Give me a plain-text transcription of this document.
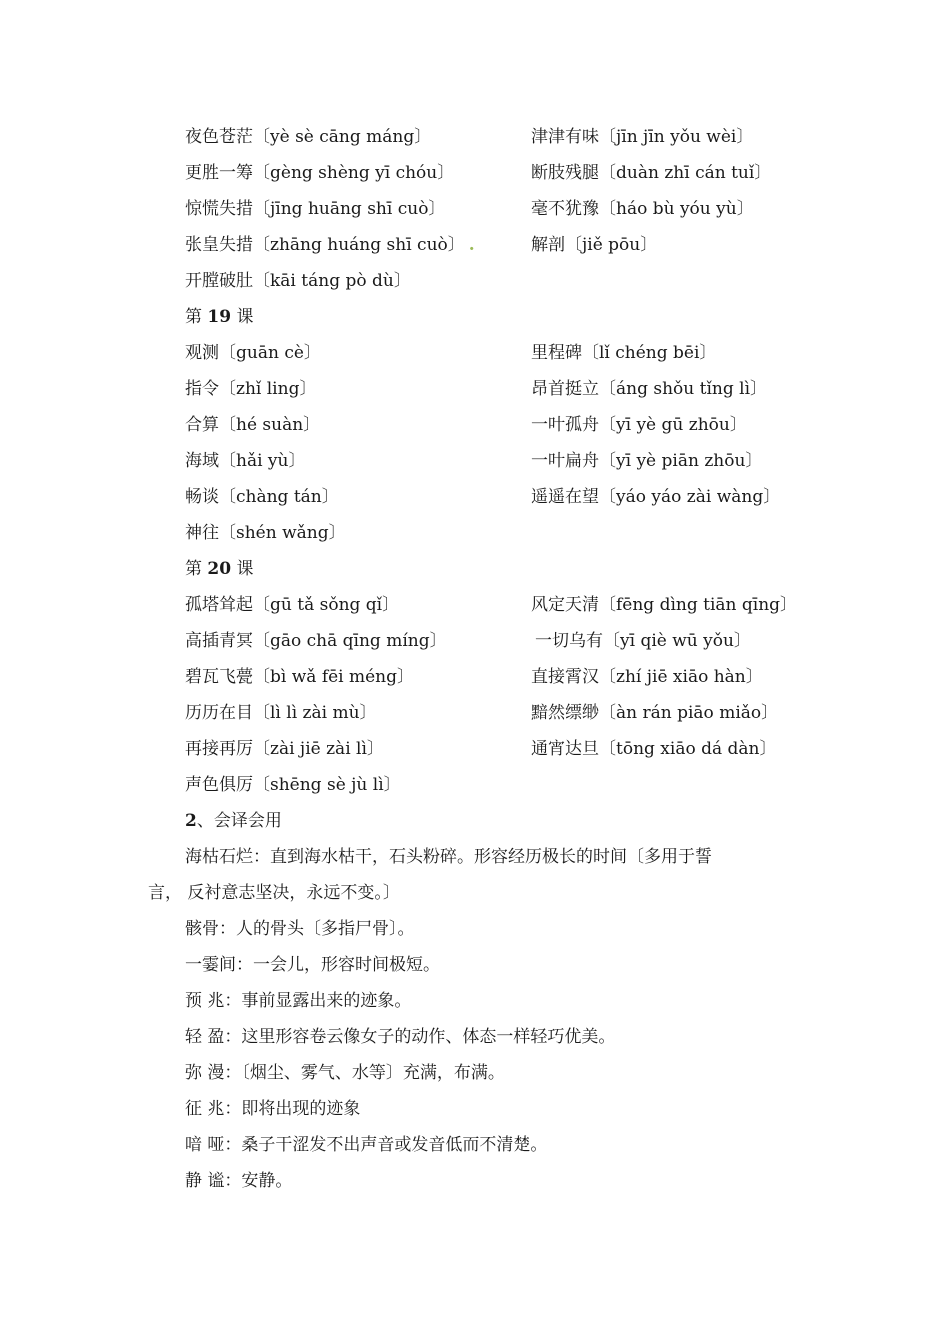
夜色苍茫〔yè sè cāng máng〕	津津有味〔jīn jīn yǒu wèi〕
更胜一筹〔gèng shèng yī chóu〕	断肢残腿〔duàn zhī cán tuǐ〕
惊慌失措〔jīng huāng shī cuò〕	毫不犹豫〔háo bù yóu yù〕
张皇失措〔zhāng huáng shī cuò〕 .	解剖〔jiě pōu〕
开膛破肚〔kāi táng pò dù〕
第 19 课
观测〔guān cè〕	里程碑〔lǐ chéng bēi〕
指令〔zhǐ ling〕	昂首挺立〔áng shǒu tǐng lì〕
合算〔hé suàn〕	一叶孤舟〔yī yè gū zhōu〕
海域〔hǎi yù〕	一叶扁舟〔yī yè piān zhōu〕
畅谈〔chàng tán〕	遥遥在望〔yáo yáo zài wàng〕
神往〔shén wǎng〕
第 20 课
孤塔耸起〔gū tǎ sǒng qǐ〕	风定天清〔fēng dìng tiān qīng〕
高插青冥〔gāo chā qīng míng〕	一切乌有〔yī qiè wū yǒu〕
碧瓦飞甍〔bì wǎ fēi méng〕	直接霄汉〔zhí jiē xiāo hàn〕
历历在目〔lì lì zài mù〕	黯然缥缈〔àn rán piāo miǎo〕
再接再厉〔zài jiē zài lì〕	通宵达旦〔tōng xiāo dá dàn〕
声色俱厉〔shēng sè jù lì〕
2、会译会用
海枯石烂：直到海水枯干，石头粉碎。形容经历极长的时间〔多用于誓
言， 反衬意志坚决，永远不变。〕
骸骨：人的骨头〔多指尸骨〕。
一霎间：一会儿，形容时间极短。
预 兆：事前显露出来的迹象。
轻 盈：这里形容卷云像女子的动作、体态一样轻巧优美。
弥 漫：〔烟尘、雾气、水等〕充满，布满。
征 兆：即将出现的迹象
喑 哑：桑子干涩发不出声音或发音低而不清楚。
静 谧：安静。
